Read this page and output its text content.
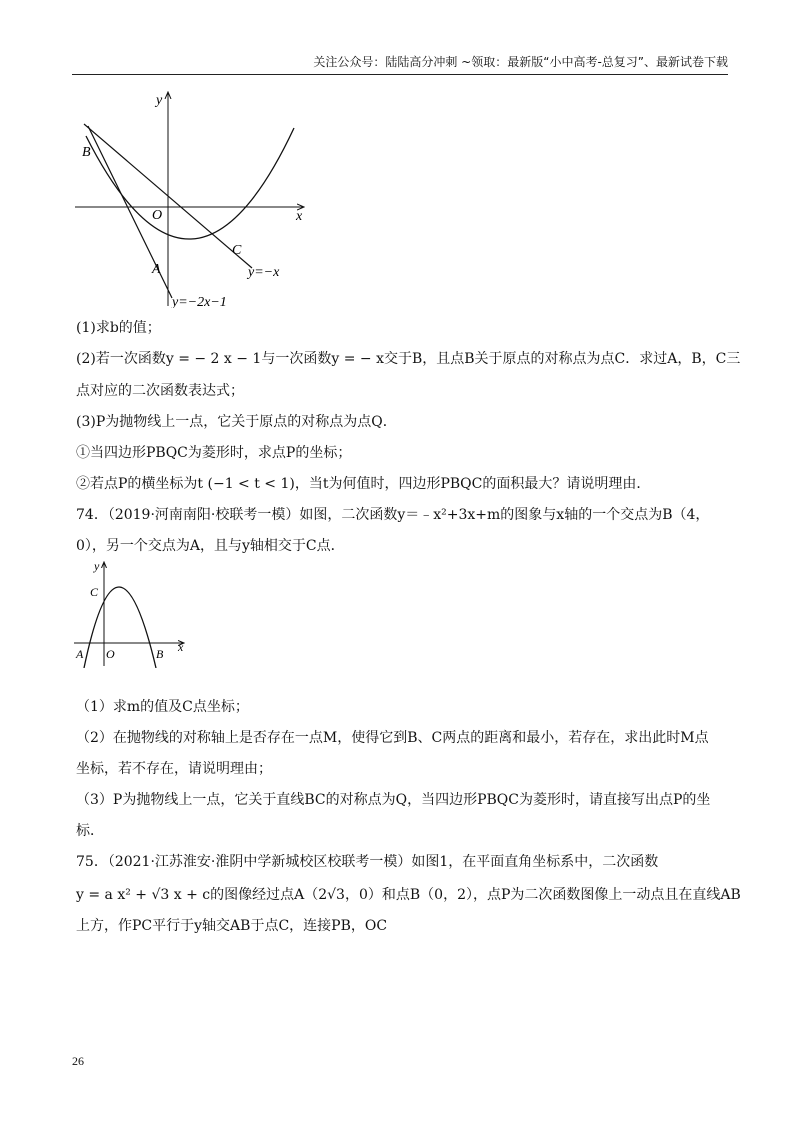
关注公众号：陆陆高分冲刺 ~领取：最新版“小中高考-总复习”、最新试卷下载
y
x
B
O
C
A	y=−x
y=−2x−1
(1)求b的值；
(2)若一次函数y = − 2 x − 1与一次函数y = − x交于B，且点B关于原点的对称点为点C．求过A，B，C三
点对应的二次函数表达式；
(3)P为抛物线上一点，它关于原点的对称点为点Q．
①当四边形PBQC为菱形时，求点P的坐标；
②若点P的横坐标为t (−1 < t < 1)，当t为何值时，四边形PBQC的面积最大？请说明理由．
74．（2019·河南南阳·校联考一模）如图，二次函数y＝﹣x²+3x+m的图象与x轴的一个交点为B（4，
0），另一个交点为A，且与y轴相交于C点．
y
x
C
A O	B
（1）求m的值及C点坐标；
（2）在抛物线的对称轴上是否存在一点M，使得它到B、C两点的距离和最小，若存在，求出此时M点
坐标，若不存在，请说明理由；
（3）P为抛物线上一点，它关于直线BC的对称点为Q，当四边形PBQC为菱形时，请直接写出点P的坐
标．
75．（2021·江苏淮安·淮阴中学新城校区校联考一模）如图1，在平面直角坐标系中，二次函数
y = a x² + √3 x + c的图像经过点A（2√3，0）和点B（0，2），点P为二次函数图像上一动点且在直线AB
上方，作PC平行于y轴交AB于点C，连接PB，OC
26
